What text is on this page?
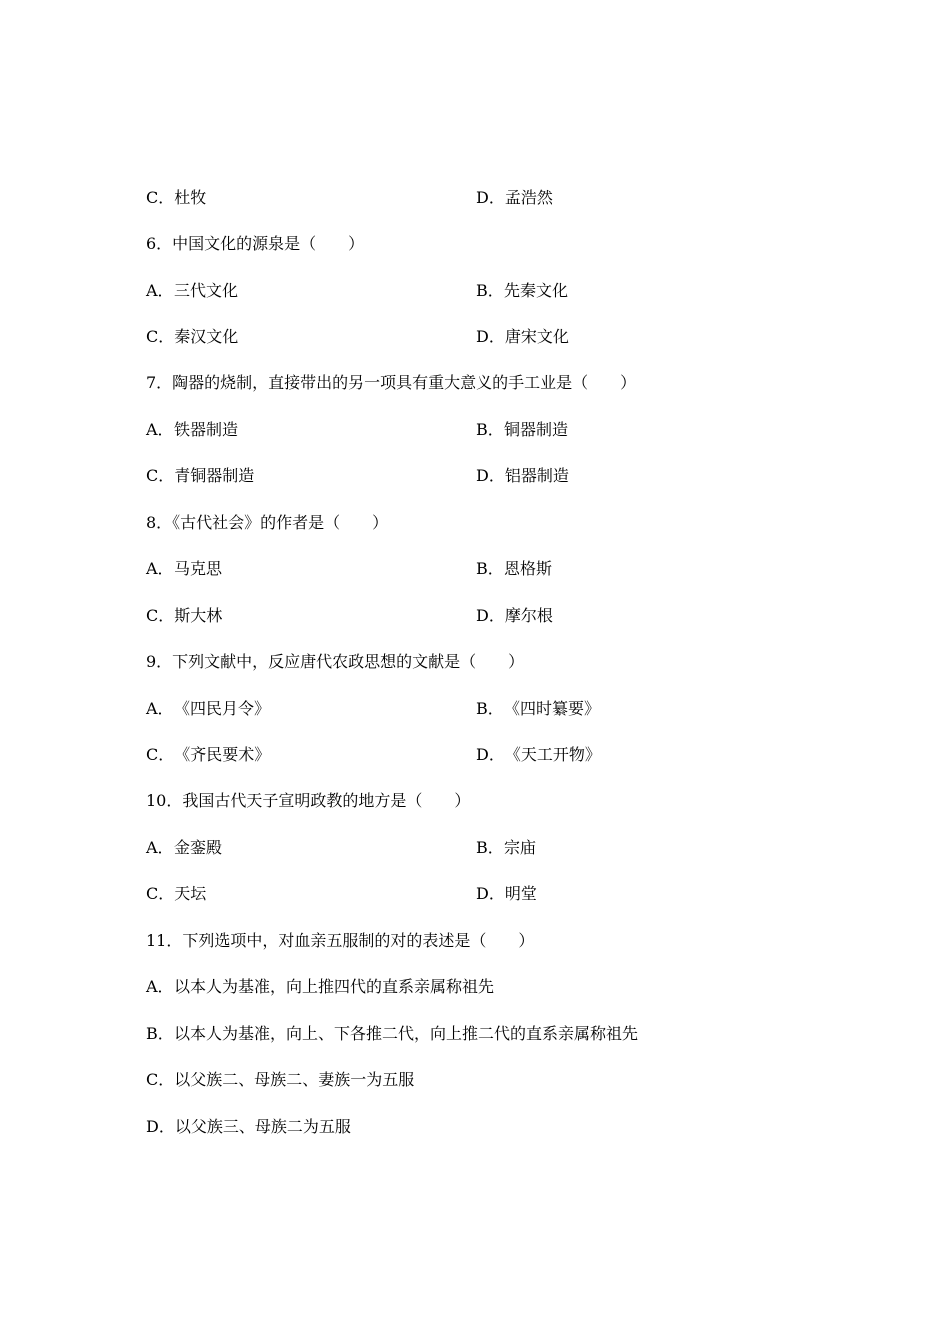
C．杜牧	D．孟浩然
6．中国文化的源泉是（　　）
A．三代文化	B．先秦文化
C．秦汉文化	D．唐宋文化
7．陶器的烧制，直接带出的另一项具有重大意义的手工业是（　　）
A．铁器制造	B．铜器制造
C．青铜器制造	D．铝器制造
8．《古代社会》的作者是（　　）
A．马克思	B．恩格斯
C．斯大林	D．摩尔根
9．下列文献中，反应唐代农政思想的文献是（　　）
A．《四民月令》	B．《四时纂要》
C．《齐民要术》	D．《天工开物》
10．我国古代天子宣明政教的地方是（　　）
A．金銮殿	B．宗庙
C．天坛	D．明堂
11．下列选项中，对血亲五服制的对的表述是（　　）
A．以本人为基准，向上推四代的直系亲属称祖先
B．以本人为基准，向上、下各推二代，向上推二代的直系亲属称祖先
C．以父族二、母族二、妻族一为五服
D．以父族三、母族二为五服
